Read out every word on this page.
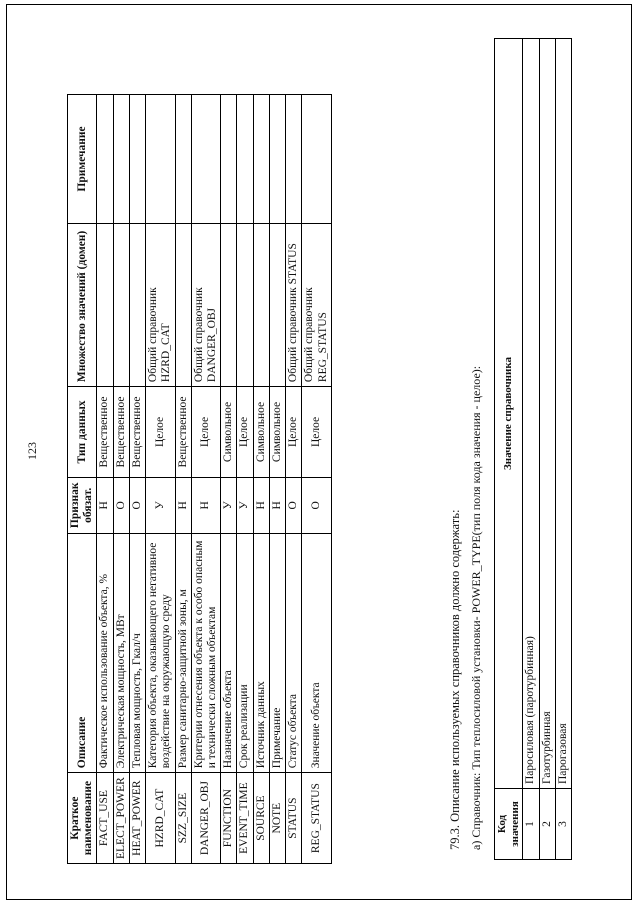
123
Краткое наименование	Описание	Признак обязат.	Тип данных	Множество значений (домен)	Примечание
FACT_USE	Фактическое использование объекта, %	Н	Вещественное		
ELECT_POWER	Электрическая мощность, МВт	О	Вещественное		
HEAT_POWER	Тепловая мощность, Гкал/ч	О	Вещественное		
HZRD_CAT	Категория объекта, оказывающего негативное воздействие на окружающую среду	У	Целое	Общий справочник HZRD_CAT	
SZZ_SIZE	Размер санитарно-защитной зоны, м	Н	Вещественное		
DANGER_OBJ	Критерии отнесения объекта к особо опасным и технически сложным объектам	Н	Целое	Общий справочник DANGER_OBJ	
FUNCTION	Назначение объекта	У	Символьное		
EVENT_TIME	Срок реализации	У	Целое		
SOURCE	Источник данных	Н	Символьное		
NOTE	Примечание	Н	Символьное		
STATUS	Статус объекта	О	Целое	Общий справочник STATUS	
REG_STATUS	Значение объекта	О	Целое	Общий справочник REG_STATUS	
79.3. Описание используемых справочников должно содержать: а) Справочник: Тип теплосиловой установки- POWER_TYPE(тип поля кода значения - целое): Код значения	Значение справочника
1	Паросиловая (паротурбинная)
2	Газотурбинная
3	Парогазовая
